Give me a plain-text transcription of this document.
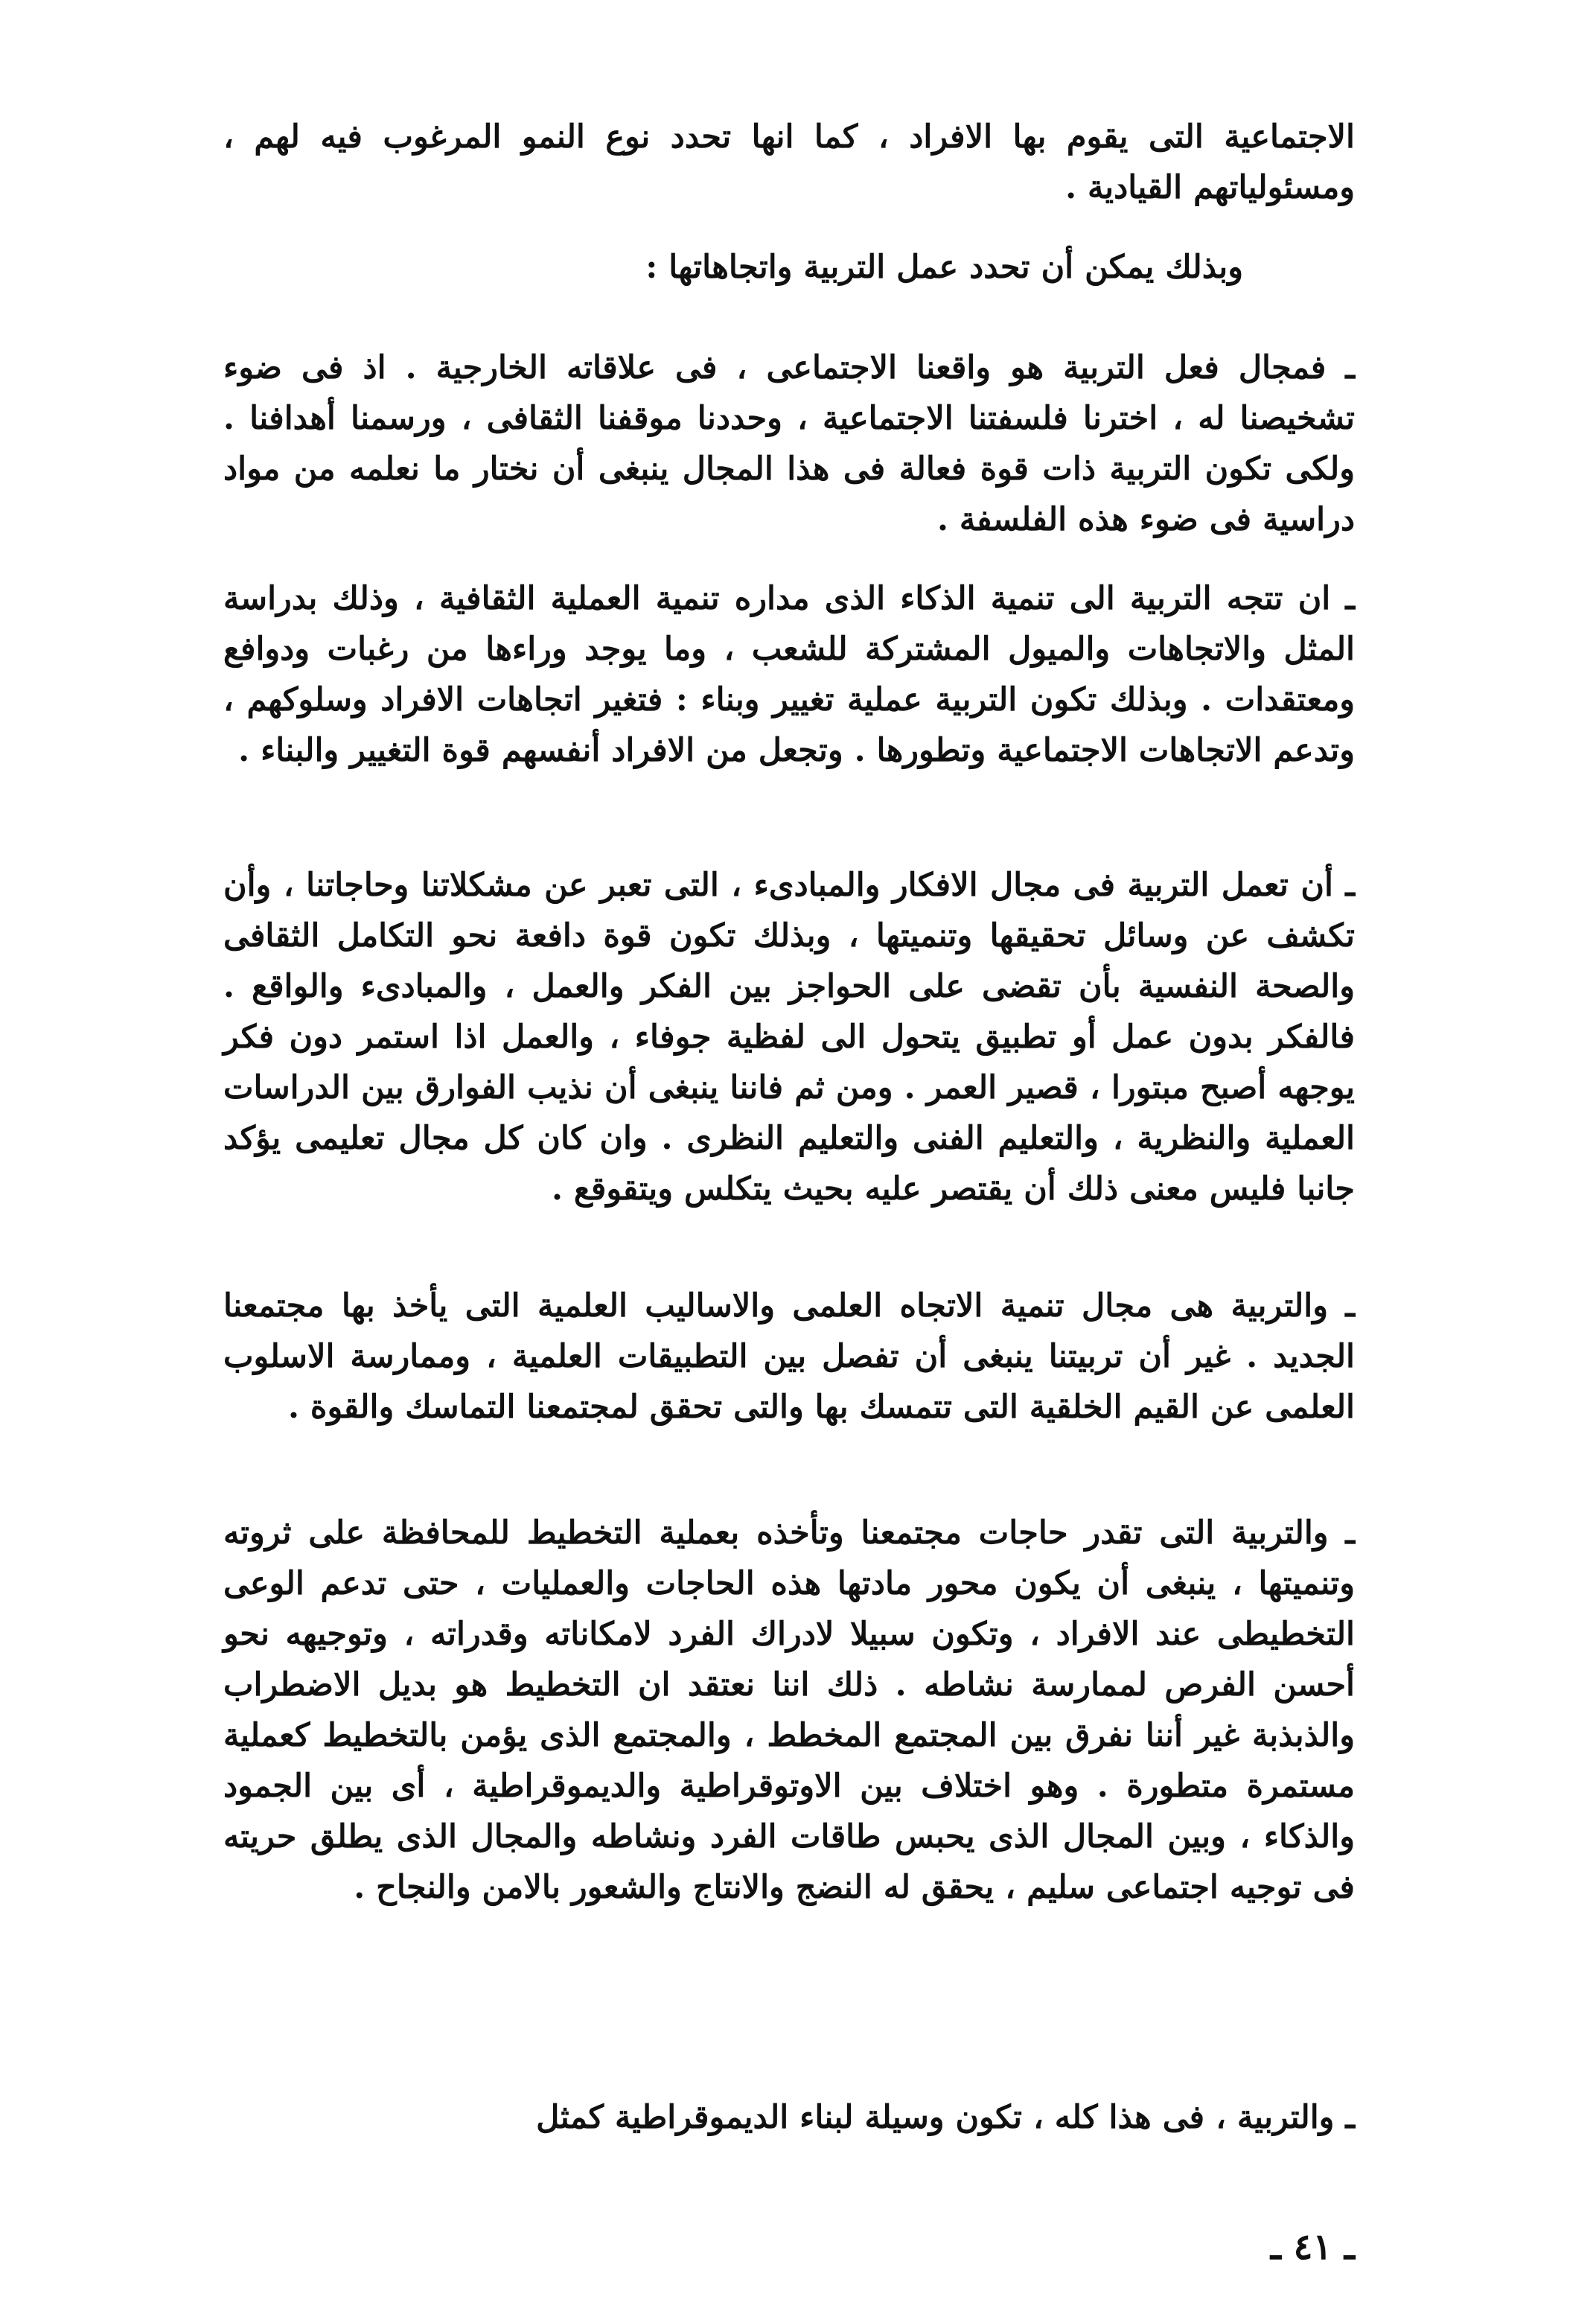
الاجتماعية التى يقوم بها الافراد ، كما انها تحدد نوع النمو المرغوب فيه لهم ، ومسئولياتهم القيادية .

وبذلك يمكن أن تحدد عمل التربية واتجاهاتها :

ـ فمجال فعل التربية هو واقعنا الاجتماعى ، فى علاقاته الخارجية . اذ فى ضوء تشخيصنا له ، اخترنا فلسفتنا الاجتماعية ، وحددنا موقفنا الثقافى ، ورسمنا أهدافنا . ولكى تكون التربية ذات قوة فعالة فى هذا المجال ينبغى أن نختار ما نعلمه من مواد دراسية فى ضوء هذه الفلسفة .

ـ ان تتجه التربية الى تنمية الذكاء الذى مداره تنمية العملية الثقافية ، وذلك بدراسة المثل والاتجاهات والميول المشتركة للشعب ، وما يوجد وراءها من رغبات ودوافع ومعتقدات . وبذلك تكون التربية عملية تغيير وبناء : فتغير اتجاهات الافراد وسلوكهم ، وتدعم الاتجاهات الاجتماعية وتطورها . وتجعل من الافراد أنفسهم قوة التغيير والبناء .

ـ أن تعمل التربية فى مجال الافكار والمبادىء ، التى تعبر عن مشكلاتنا وحاجاتنا ، وأن تكشف عن وسائل تحقيقها وتنميتها ، وبذلك تكون قوة دافعة نحو التكامل الثقافى والصحة النفسية بأن تقضى على الحواجز بين الفكر والعمل ، والمبادىء والواقع . فالفكر بدون عمل أو تطبيق يتحول الى لفظية جوفاء ، والعمل اذا استمر دون فكر يوجهه أصبح مبتورا ، قصير العمر . ومن ثم فاننا ينبغى أن نذيب الفوارق بين الدراسات العملية والنظرية ، والتعليم الفنى والتعليم النظرى . وان كان كل مجال تعليمى يؤكد جانبا فليس معنى ذلك أن يقتصر عليه بحيث يتكلس ويتقوقع .

ـ والتربية هى مجال تنمية الاتجاه العلمى والاساليب العلمية التى يأخذ بها مجتمعنا الجديد . غير أن تربيتنا ينبغى أن تفصل بين التطبيقات العلمية ، وممارسة الاسلوب العلمى عن القيم الخلقية التى تتمسك بها والتى تحقق لمجتمعنا التماسك والقوة .

ـ والتربية التى تقدر حاجات مجتمعنا وتأخذه بعملية التخطيط للمحافظة على ثروته وتنميتها ، ينبغى أن يكون محور مادتها هذه الحاجات والعمليات ، حتى تدعم الوعى التخطيطى عند الافراد ، وتكون سبيلا لادراك الفرد لامكاناته وقدراته ، وتوجيهه نحو أحسن الفرص لممارسة نشاطه . ذلك اننا نعتقد ان التخطيط هو بديل الاضطراب والذبذبة غير أننا نفرق بين المجتمع المخطط ، والمجتمع الذى يؤمن بالتخطيط كعملية مستمرة متطورة . وهو اختلاف بين الاوتوقراطية والديموقراطية ، أى بين الجمود والذكاء ، وبين المجال الذى يحبس طاقات الفرد ونشاطه والمجال الذى يطلق حريته فى توجيه اجتماعى سليم ، يحقق له النضج والانتاج والشعور بالامن والنجاح .

ـ والتربية ، فى هذا كله ، تكون وسيلة لبناء الديموقراطية كمثل

ـ ٤١ ـ
